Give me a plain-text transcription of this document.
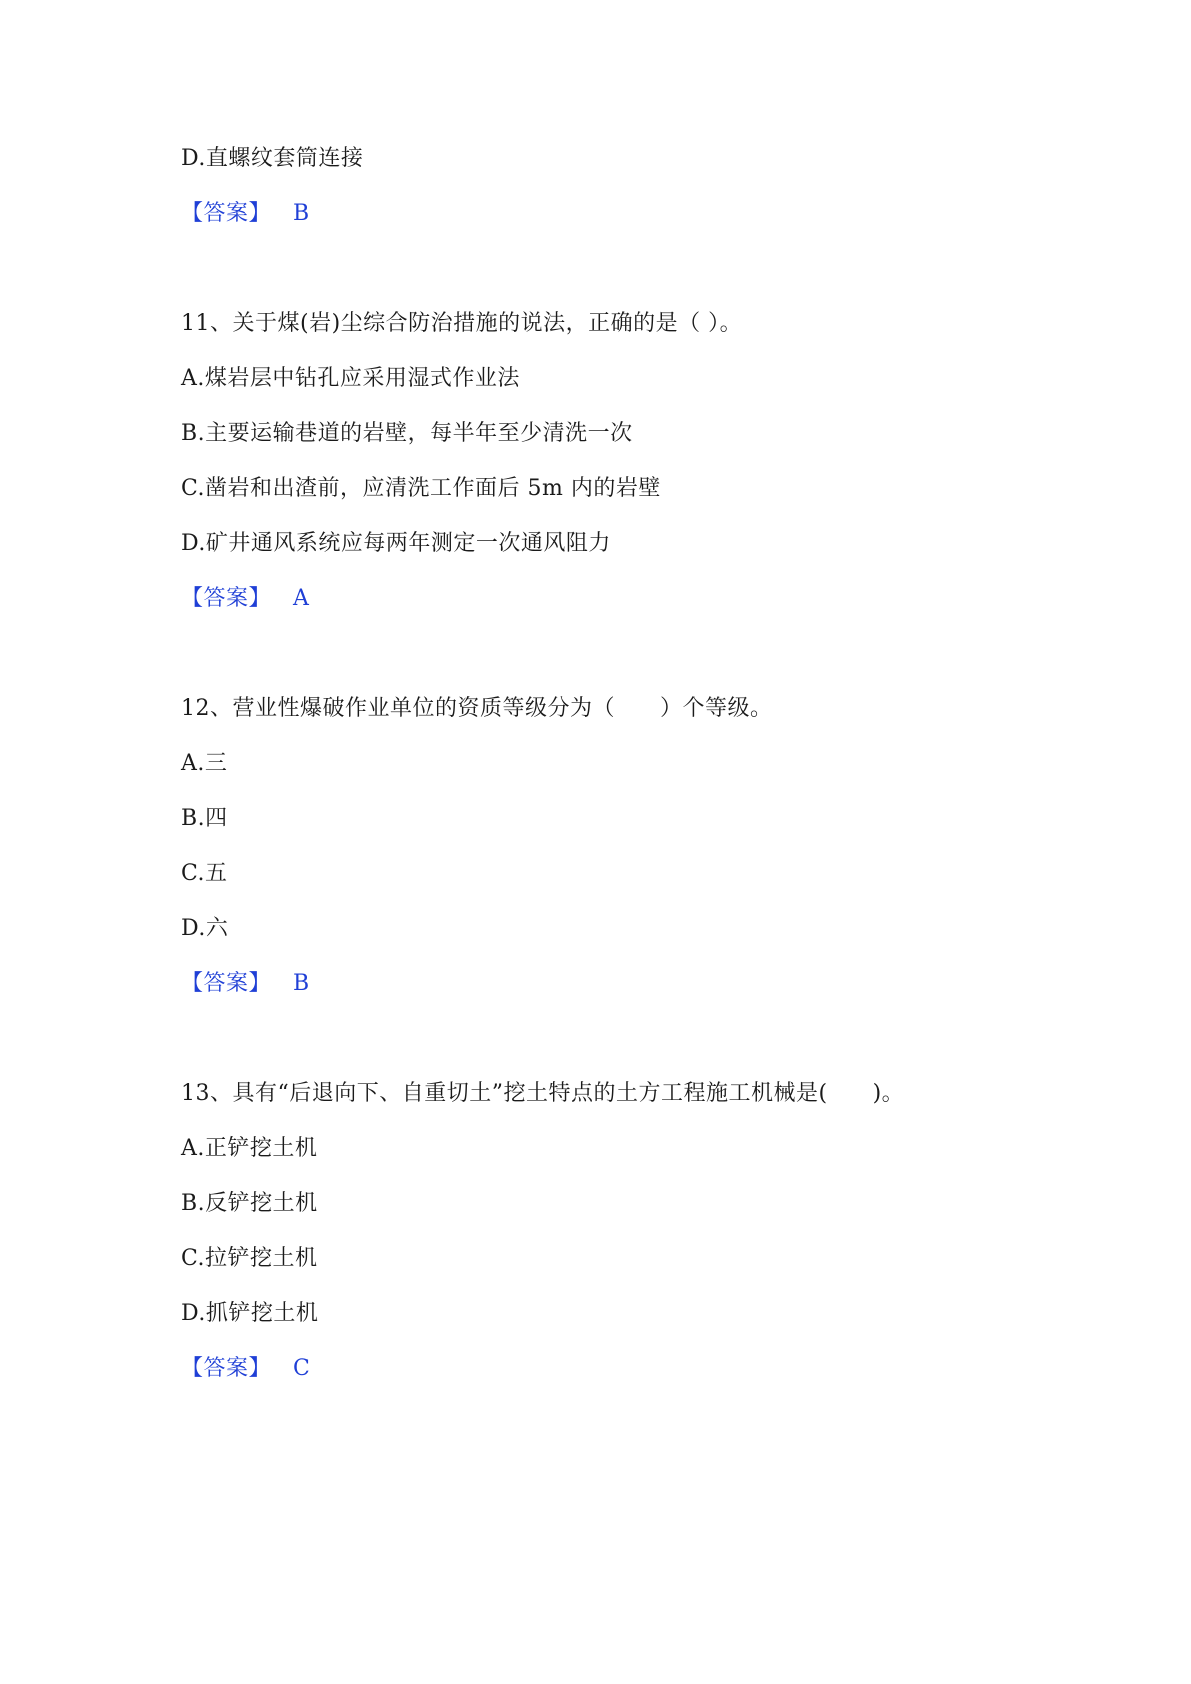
D.直螺纹套筒连接
【答案】 B
11、关于煤(岩)尘综合防治措施的说法，正确的是（ ）。
A.煤岩层中钻孔应采用湿式作业法
B.主要运输巷道的岩壁，每半年至少清洗一次
C.凿岩和出渣前，应清洗工作面后 5m 内的岩壁
D.矿井通风系统应每两年测定一次通风阻力
【答案】 A
12、营业性爆破作业单位的资质等级分为（　　）个等级。
A.三
B.四
C.五
D.六
【答案】 B
13、具有“后退向下、自重切土”挖土特点的土方工程施工机械是(　　)。
A.正铲挖土机
B.反铲挖土机
C.拉铲挖土机
D.抓铲挖土机
【答案】 C
